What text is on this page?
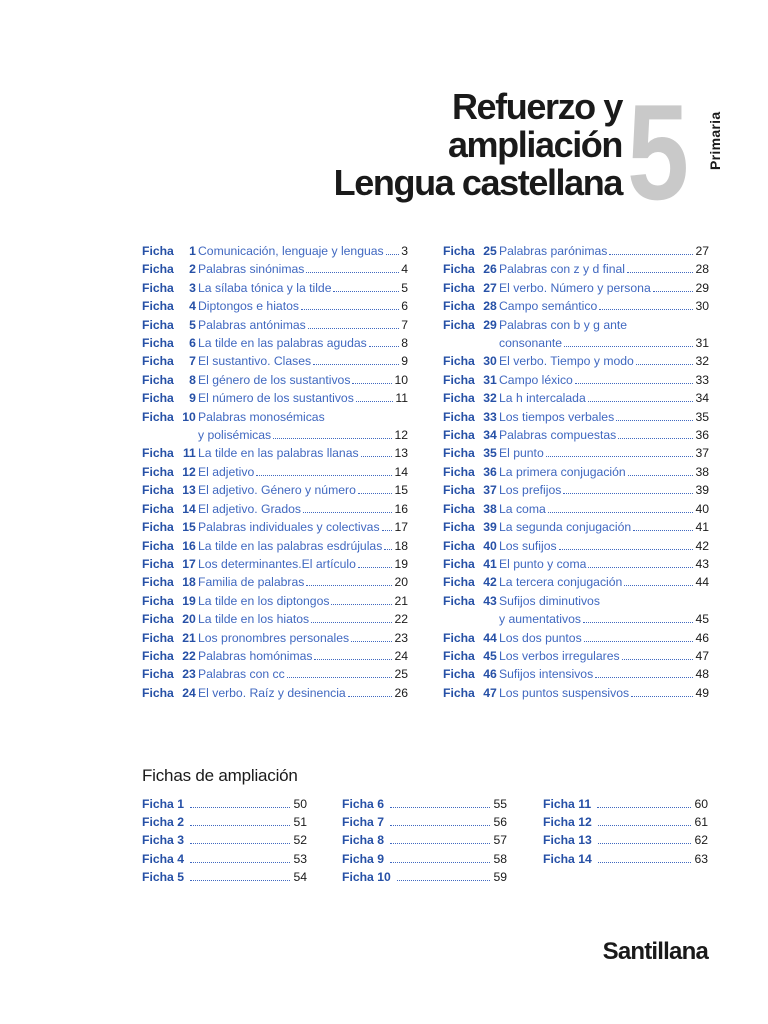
Refuerzo y
ampliación
Lengua castellana 5 Primaria
Ficha 1 Comunicación, lenguaje y lenguas 3
Ficha 2 Palabras sinónimas	4
Ficha 3 La sílaba tónica y la tilde	5
Ficha 4 Diptongos e hiatos	6
Ficha 5 Palabras antónimas	7
Ficha 6 La tilde en las palabras agudas	8
Ficha 7 El sustantivo. Clases	9
Ficha 8 El género de los sustantivos	10
Ficha 9 El número de los sustantivos	11
Ficha 10 Palabras monosémicas
y polisémicas	12
Ficha 11 La tilde en las palabras llanas	13
Ficha 12 El adjetivo	14
Ficha 13 El adjetivo. Género y número	15
Ficha 14 El adjetivo. Grados	16
Ficha 15 Palabras individuales y colectivas 17
Ficha 16 La tilde en las palabras esdrújulas 18
Ficha 17 Los determinantes.El artículo	19
Ficha 18 Familia de palabras	20
Ficha 19 La tilde en los diptongos	21
Ficha 20 La tilde en los hiatos	22
Ficha 21 Los pronombres personales	23
Ficha 22 Palabras homónimas	24
Ficha 23 Palabras con cc	25
Ficha 24 El verbo. Raíz y desinencia	26
Ficha 25 Palabras parónimas	27
Ficha 26 Palabras con z y d final	28
Ficha 27 El verbo. Número y persona	29
Ficha 28 Campo semántico	30
Ficha 29 Palabras con b y g ante
consonante	31
Ficha 30 El verbo. Tiempo y modo	32
Ficha 31 Campo léxico	33
Ficha 32 La h intercalada	34
Ficha 33 Los tiempos verbales	35
Ficha 34 Palabras compuestas	36
Ficha 35 El punto	37
Ficha 36 La primera conjugación	38
Ficha 37 Los prefijos	39
Ficha 38 La coma	40
Ficha 39 La segunda conjugación	41
Ficha 40 Los sufijos	42
Ficha 41 El punto y coma	43
Ficha 42 La tercera conjugación	44
Ficha 43 Sufijos diminutivos
y aumentativos	45
Ficha 44 Los dos puntos	46
Ficha 45 Los verbos irregulares	47
Ficha 46 Sufijos intensivos	48
Ficha 47 Los puntos suspensivos	49
Fichas de ampliación
Ficha 1	50
Ficha 2	51
Ficha 3	52
Ficha 4	53
Ficha 5	54
Ficha 6	55
Ficha 7	56
Ficha 8	57
Ficha 9	58
Ficha 10	59
Ficha 11	60
Ficha 12	61
Ficha 13	62
Ficha 14	63
Santillana
